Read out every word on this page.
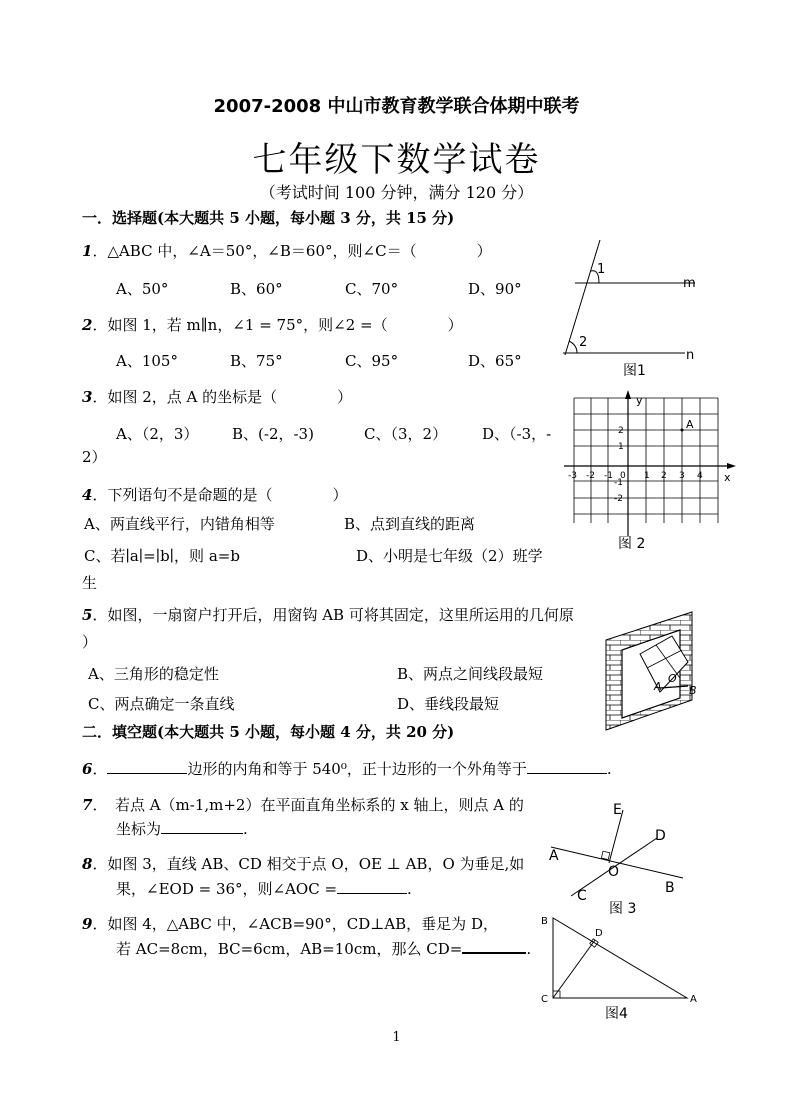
2007-2008 中山市教育教学联合体期中联考
七年级下数学试卷
（考试时间 100 分钟，满分 120 分）
一．选择题(本大题共 5 小题，每小题 3 分，共 15 分)
1．△ABC 中，∠A＝50°，∠B＝60°，则∠C＝（　　　　）
A、50°	B、60°	C、70°	D、90°
2．如图 1，若 m∥n，∠1 = 75°，则∠2 =（　　　　）
A、105°	B、75°	C、95°	D、65°
3．如图 2，点 A 的坐标是（　　　　）
A、（2，3） B、(-2，-3)	C、（3，2） D、（-3，-
2）
4．下列语句不是命题的是（　　　　）
A、两直线平行，内错角相等	B、点到直线的距离
C、若∣a∣=∣b∣，则 a=b	D、小明是七年级（2）班学
生
5．如图，一扇窗户打开后，用窗钩 AB 可将其固定，这里所运用的几何原
）
A、三角形的稳定性	B、两点之间线段最短
C、两点确定一条直线	D、垂线段最短
二．填空题(本大题共 5 小题，每小题 4 分，共 20 分)
6．	边形的内角和等于 540⁰，正十边形的一个外角等于	.
7．　若点 A（m-1,m+2）在平面直角坐标系的 x 轴上，则点 A 的
坐标为	.
8．如图 3，直线 AB、CD 相交于点 O，OE ⊥ AB，O 为垂足,如
果，∠EOD = 36°，则∠AOC =	.
9．如图 4，△ABC 中，∠ACB=90°，CD⊥AB，垂足为 D，
若 AC=8cm，BC=6cm，AB=10cm，那么 CD=	.
1
2
m
n
图1
A
y
x
-3 -2 -1 0 1 2 3 4
2
1
-1
-2
图 2
A
O
B
E
D
A
O
B
C
图 3
B
D
C	A
图4
1
